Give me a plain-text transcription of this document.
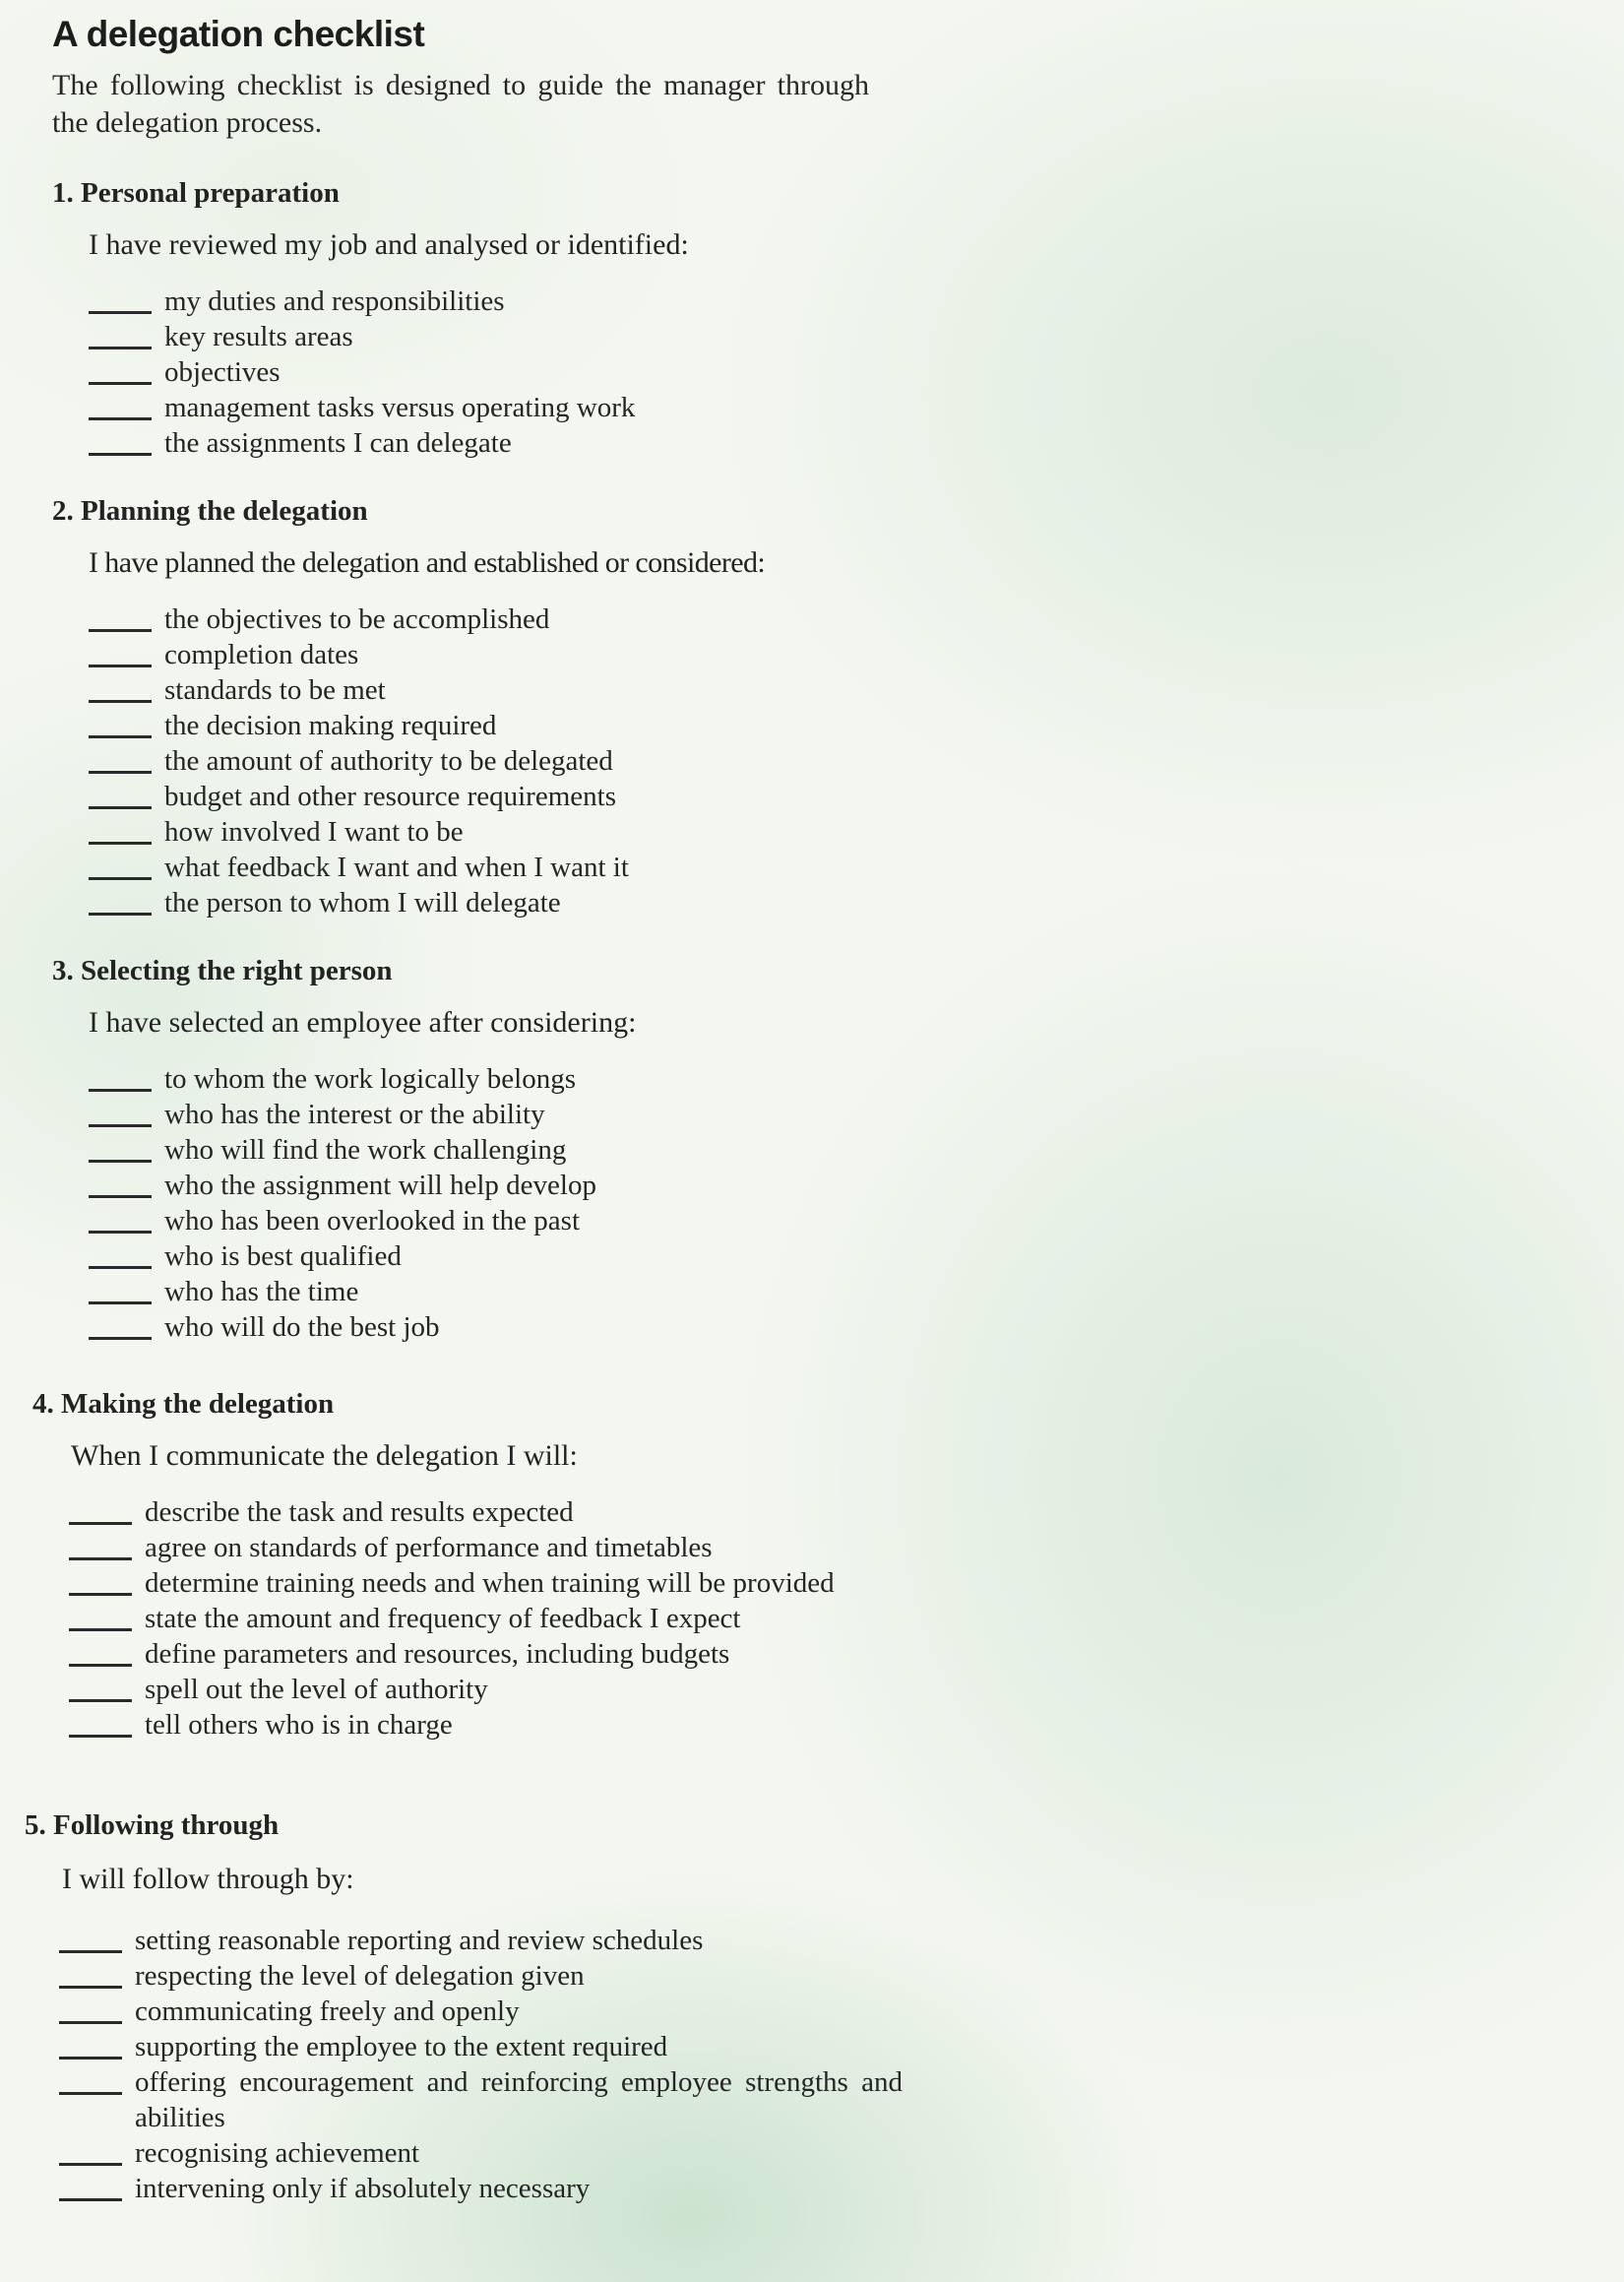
A delegation checklist
The following checklist is designed to guide the manager through the delegation process.
1. Personal preparation
I have reviewed my job and analysed or identified:
my duties and responsibilities
key results areas
objectives
management tasks versus operating work
the assignments I can delegate
2. Planning the delegation
I have planned the delegation and established or considered:
the objectives to be accomplished
completion dates
standards to be met
the decision making required
the amount of authority to be delegated
budget and other resource requirements
how involved I want to be
what feedback I want and when I want it
the person to whom I will delegate
3. Selecting the right person
I have selected an employee after considering:
to whom the work logically belongs
who has the interest or the ability
who will find the work challenging
who the assignment will help develop
who has been overlooked in the past
who is best qualified
who has the time
who will do the best job
4. Making the delegation
When I communicate the delegation I will:
describe the task and results expected
agree on standards of performance and timetables
determine training needs and when training will be provided
state the amount and frequency of feedback I expect
define parameters and resources, including budgets
spell out the level of authority
tell others who is in charge
5. Following through
I will follow through by:
setting reasonable reporting and review schedules
respecting the level of delegation given
communicating freely and openly
supporting the employee to the extent required
offering encouragement and reinforcing employee strengths and abilities
recognising achievement
intervening only if absolutely necessary
